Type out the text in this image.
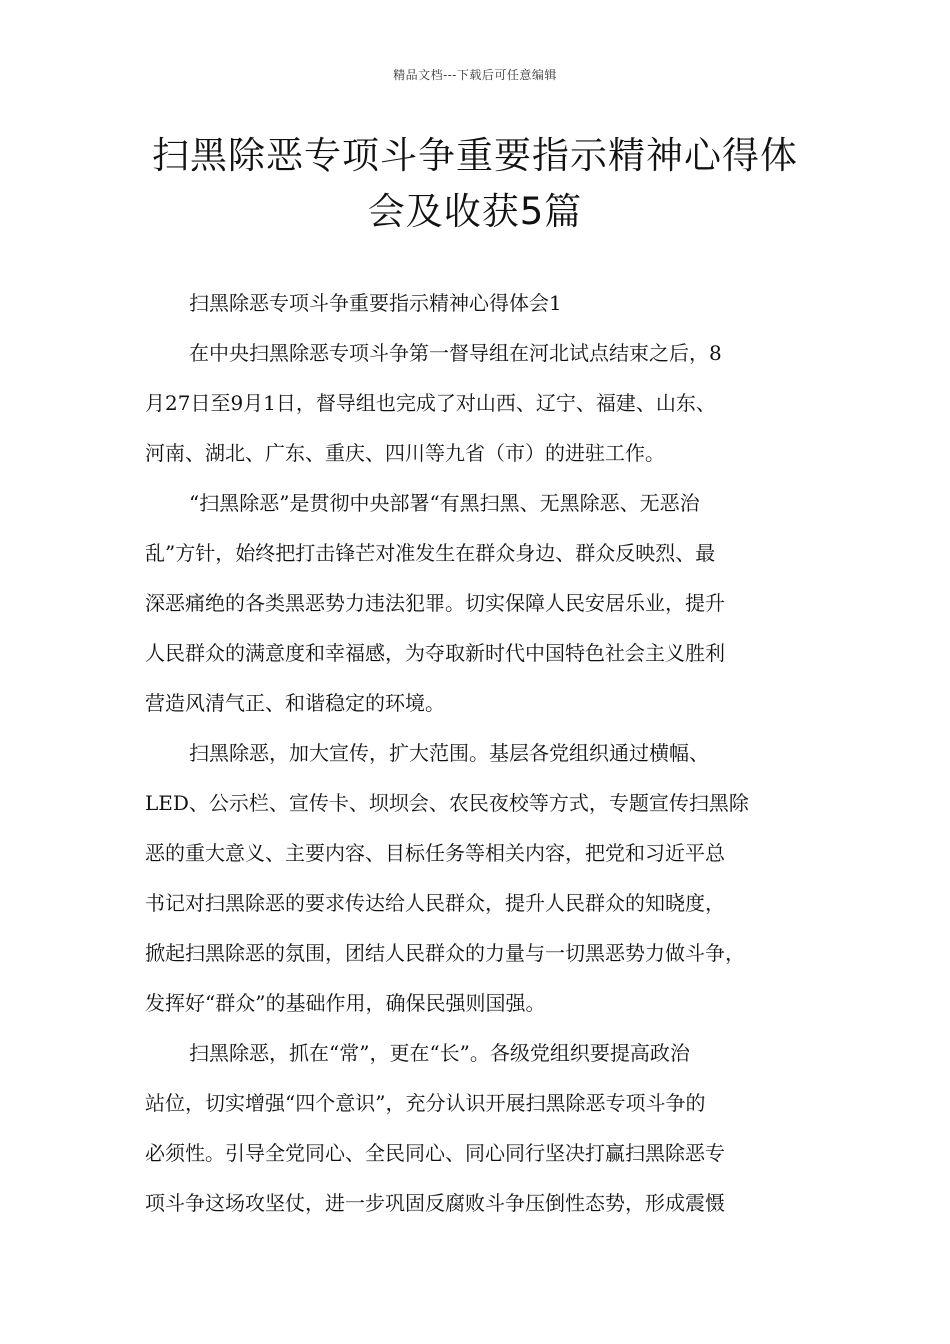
精品文档---下载后可任意编辑
扫黑除恶专项斗争重要指示精神心得体
会及收获5篇
扫黑除恶专项斗争重要指示精神心得体会1
在中央扫黑除恶专项斗争第一督导组在河北试点结束之后，8
月27日至9月1日，督导组也完成了对山西、辽宁、福建、山东、
河南、湖北、广东、重庆、四川等九省（市）的进驻工作。
“扫黑除恶”是贯彻中央部署“有黑扫黑、无黑除恶、无恶治
乱”方针，始终把打击锋芒对准发生在群众身边、群众反映烈、最
深恶痛绝的各类黑恶势力违法犯罪。切实保障人民安居乐业，提升
人民群众的满意度和幸福感，为夺取新时代中国特色社会主义胜利
营造风清气正、和谐稳定的环境。
扫黑除恶，加大宣传，扩大范围。基层各党组织通过横幅、
LED、公示栏、宣传卡、坝坝会、农民夜校等方式，专题宣传扫黑除
恶的重大意义、主要内容、目标任务等相关内容，把党和习近平总
书记对扫黑除恶的要求传达给人民群众，提升人民群众的知晓度，
掀起扫黑除恶的氛围，团结人民群众的力量与一切黑恶势力做斗争，
发挥好“群众”的基础作用，确保民强则国强。
扫黑除恶，抓在“常”，更在“长”。各级党组织要提高政治
站位，切实增强“四个意识”，充分认识开展扫黑除恶专项斗争的
必须性。引导全党同心、全民同心、同心同行坚决打赢扫黑除恶专
项斗争这场攻坚仗，进一步巩固反腐败斗争压倒性态势，形成震慑
